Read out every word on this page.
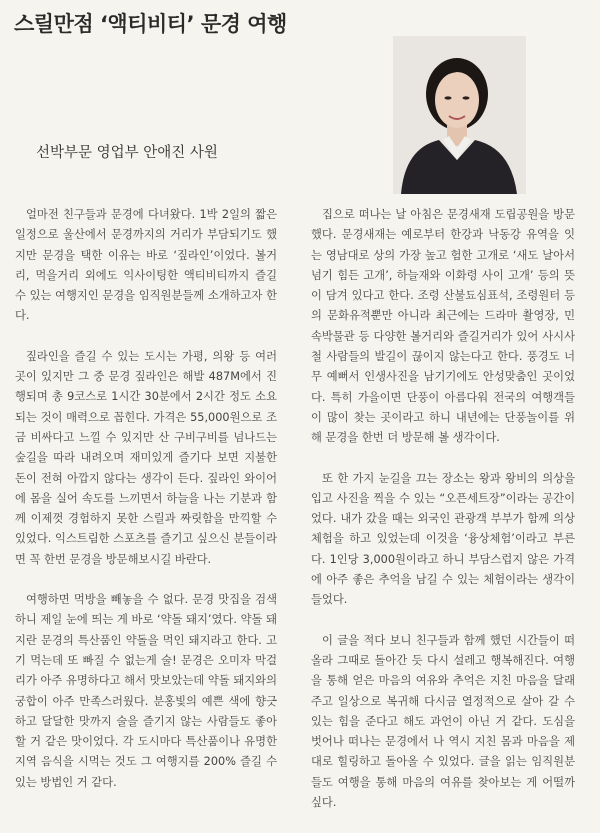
스릴만점 ‘액티비티’ 문경 여행
선박부문 영업부 안애진 사원

얼마전 친구들과 문경에 다녀왔다. 1박 2일의 짧은 일정으로 울산에서 문경까지의 거리가 부담되기도 했지만 문경을 택한 이유는 바로 ‘짚라인’이었다. 볼거리, 먹을거리 외에도 익사이팅한 액티비티까지 즐길 수 있는 여행지인 문경을 임직원분들께 소개하고자 한다.

짚라인을 즐길 수 있는 도시는 가평, 의왕 등 여러 곳이 있지만 그 중 문경 짚라인은 해발 487M에서 진행되며 총 9코스로 1시간 30분에서 2시간 정도 소요되는 것이 매력으로 꼽힌다. 가격은 55,000원으로 조금 비싸다고 느낄 수 있지만 산 구비구비를 넘나드는 숲길을 따라 내려오며 재미있게 즐기다 보면 지불한 돈이 전혀 아깝지 않다는 생각이 든다. 짚라인 와이어에 몸을 실어 속도를 느끼면서 하늘을 나는 기분과 함께 이제껏 경험하지 못한 스릴과 짜릿함을 만끽할 수 있었다. 익스트림한 스포츠를 즐기고 싶으신 분들이라면 꼭 한번 문경을 방문해보시길 바란다.

여행하면 먹방을 빼놓을 수 없다. 문경 맛집을 검색하니 제일 눈에 띄는 게 바로 ‘약돌 돼지’였다. 약돌 돼지란 문경의 특산품인 약돌을 먹인 돼지라고 한다. 고기 먹는데 또 빠질 수 없는게 술! 문경은 오미자 막걸리가 아주 유명하다고 해서 맛보았는데 약돌 돼지와의 궁합이 아주 만족스러웠다. 분홍빛의 예쁜 색에 향긋하고 달달한 맛까지 술을 즐기지 않는 사람들도 좋아할 거 같은 맛이었다. 각 도시마다 특산품이나 유명한 지역 음식을 시먹는 것도 그 여행지를 200% 즐길 수 있는 방법인 거 같다.

집으로 떠나는 날 아침은 문경새재 도립공원을 방문했다. 문경새재는 예로부터 한강과 낙동강 유역을 잇는 영남대로 상의 가장 높고 험한 고개로 ‘새도 날아서 넘기 힘든 고개’, 하늘재와 이화령 사이 고개’ 등의 뜻이 담겨 있다고 한다. 조령 산불됴심표석, 조령원터 등의 문화유적뿐만 아니라 최근에는 드라마 촬영장, 민속박물관 등 다양한 볼거리와 즐길거리가 있어 사시사철 사람들의 발길이 끊이지 않는다고 한다. 풍경도 너무 예뻐서 인생사진을 남기기에도 안성맞춤인 곳이었다. 특히 가을이면 단풍이 아름다워 전국의 여행객들이 많이 찾는 곳이라고 하니 내년에는 단풍놀이를 위해 문경을 한번 더 방문해 볼 생각이다.

또 한 가지 눈길을 끄는 장소는 왕과 왕비의 의상을 입고 사진을 찍을 수 있는 “오픈세트장”이라는 공간이었다. 내가 갔을 때는 외국인 관광객 부부가 함께 의상체험을 하고 있었는데 이것을 ‘융상체험’이라고 부른다. 1인당 3,000원이라고 하니 부담스럽지 않은 가격에 아주 좋은 추억을 남길 수 있는 체험이라는 생각이 들었다.

이 글을 적다 보니 친구들과 함께 했던 시간들이 떠올라 그때로 돌아간 듯 다시 설레고 행복해진다. 여행을 통해 얻은 마음의 여유와 추억은 지친 마음을 달래주고 일상으로 복귀해 다시금 열정적으로 살아 갈 수 있는 힘을 준다고 해도 과언이 아닌 거 같다. 도심을 벗어나 떠나는 문경에서 나 역시 지친 몸과 마음을 제대로 힐링하고 돌아올 수 있었다. 글을 읽는 임직원분들도 여행을 통해 마음의 여유를 찾아보는 게 어떨까 싶다.
